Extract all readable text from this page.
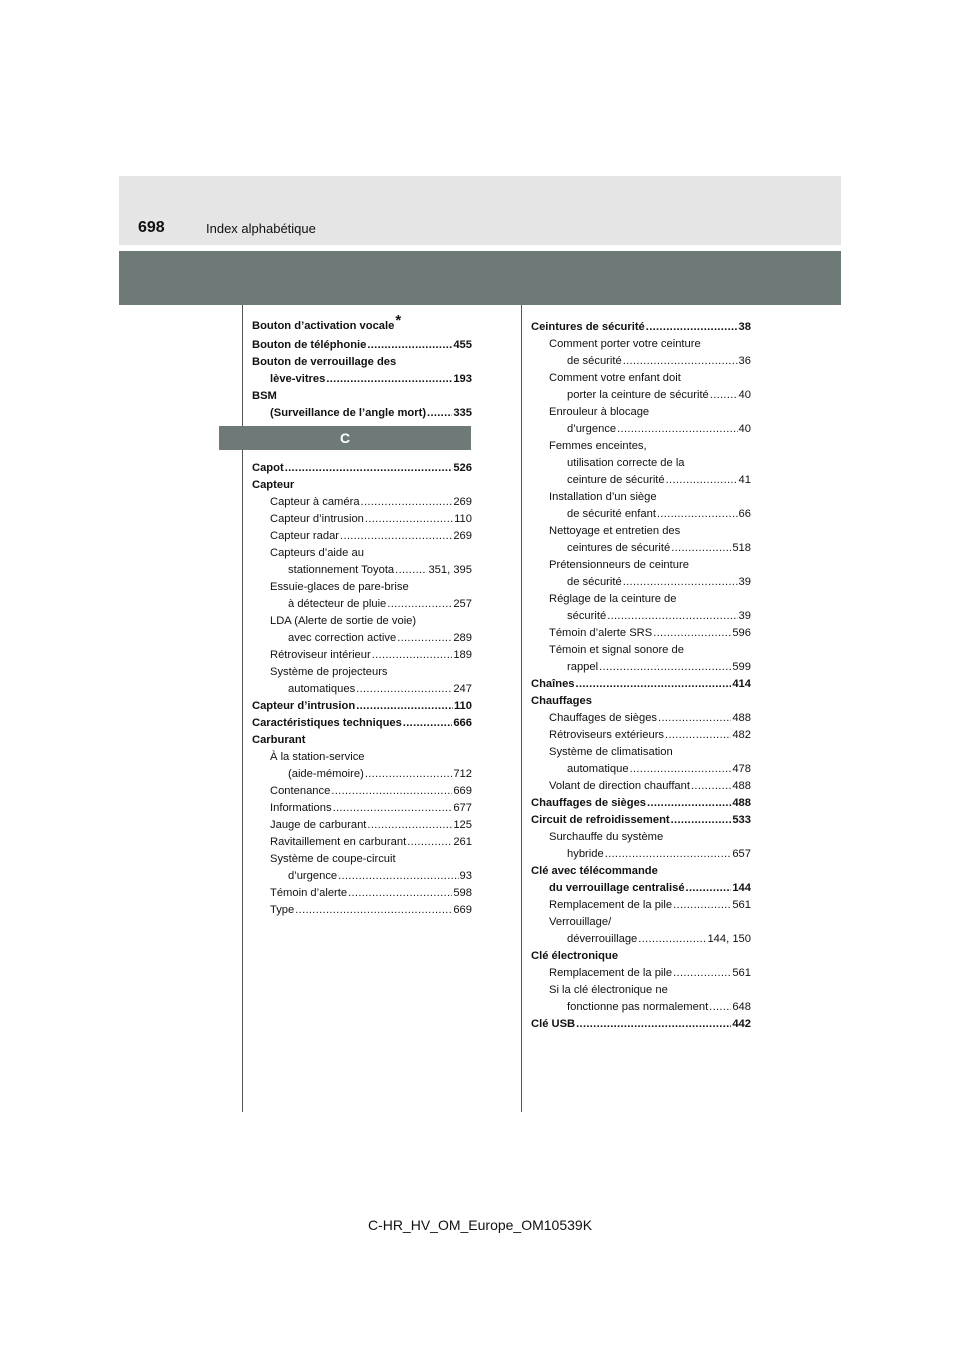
698	Index alphabétique
Bouton d’activation vocale *
Bouton de téléphonie .....	455
Bouton de verrouillage des
lève-vitres .....	193
BSM
(Surveillance de l’angle mort) ..... 335
C
Capot .....	526
Capteur
Capteur à caméra .....	269
Capteur d’intrusion .....	110
Capteur radar .....	269
Capteurs d’aide au
stationnement Toyota .....	351, 395
Essuie-glaces de pare-brise
à détecteur de pluie .....	257
LDA (Alerte de sortie de voie)
avec correction active .....	289
Rétroviseur intérieur .....	189
Système de projecteurs
automatiques .....	247
Capteur d’intrusion .....	110
Caractéristiques techniques .....	666
Carburant
À la station-service
(aide-mémoire) .....	712
Contenance .....	669
Informations .....	677
Jauge de carburant .....	125
Ravitaillement en carburant .....	261
Système de coupe-circuit
d’urgence .....	93
Témoin d’alerte .....	598
Type .....	669
Ceintures de sécurité .....	38
Comment porter votre ceinture
de sécurité .....	36
Comment votre enfant doit
porter la ceinture de sécurité .....	40
Enrouleur à blocage
d’urgence .....	40
Femmes enceintes,
utilisation correcte de la
ceinture de sécurité .....	41
Installation d’un siège
de sécurité enfant .....	66
Nettoyage et entretien des
ceintures de sécurité .....	518
Prétensionneurs de ceinture
de sécurité .....	39
Réglage de la ceinture de
sécurité .....	39
Témoin d’alerte SRS .....	596
Témoin et signal sonore de
rappel .....	599
Chaînes .....	414
Chauffages
Chauffages de sièges .....	488
Rétroviseurs extérieurs .....	482
Système de climatisation
automatique .....	478
Volant de direction chauffant .....	488
Chauffages de sièges .....	488
Circuit de refroidissement .....	533
Surchauffe du système
hybride .....	657
Clé avec télécommande
du verrouillage centralisé .....	144
Remplacement de la pile .....	561
Verrouillage/
déverrouillage .....	144, 150
Clé électronique
Remplacement de la pile .....	561
Si la clé électronique ne
fonctionne pas normalement ..... 648
Clé USB .....	442
C-HR_HV_OM_Europe_OM10539K
